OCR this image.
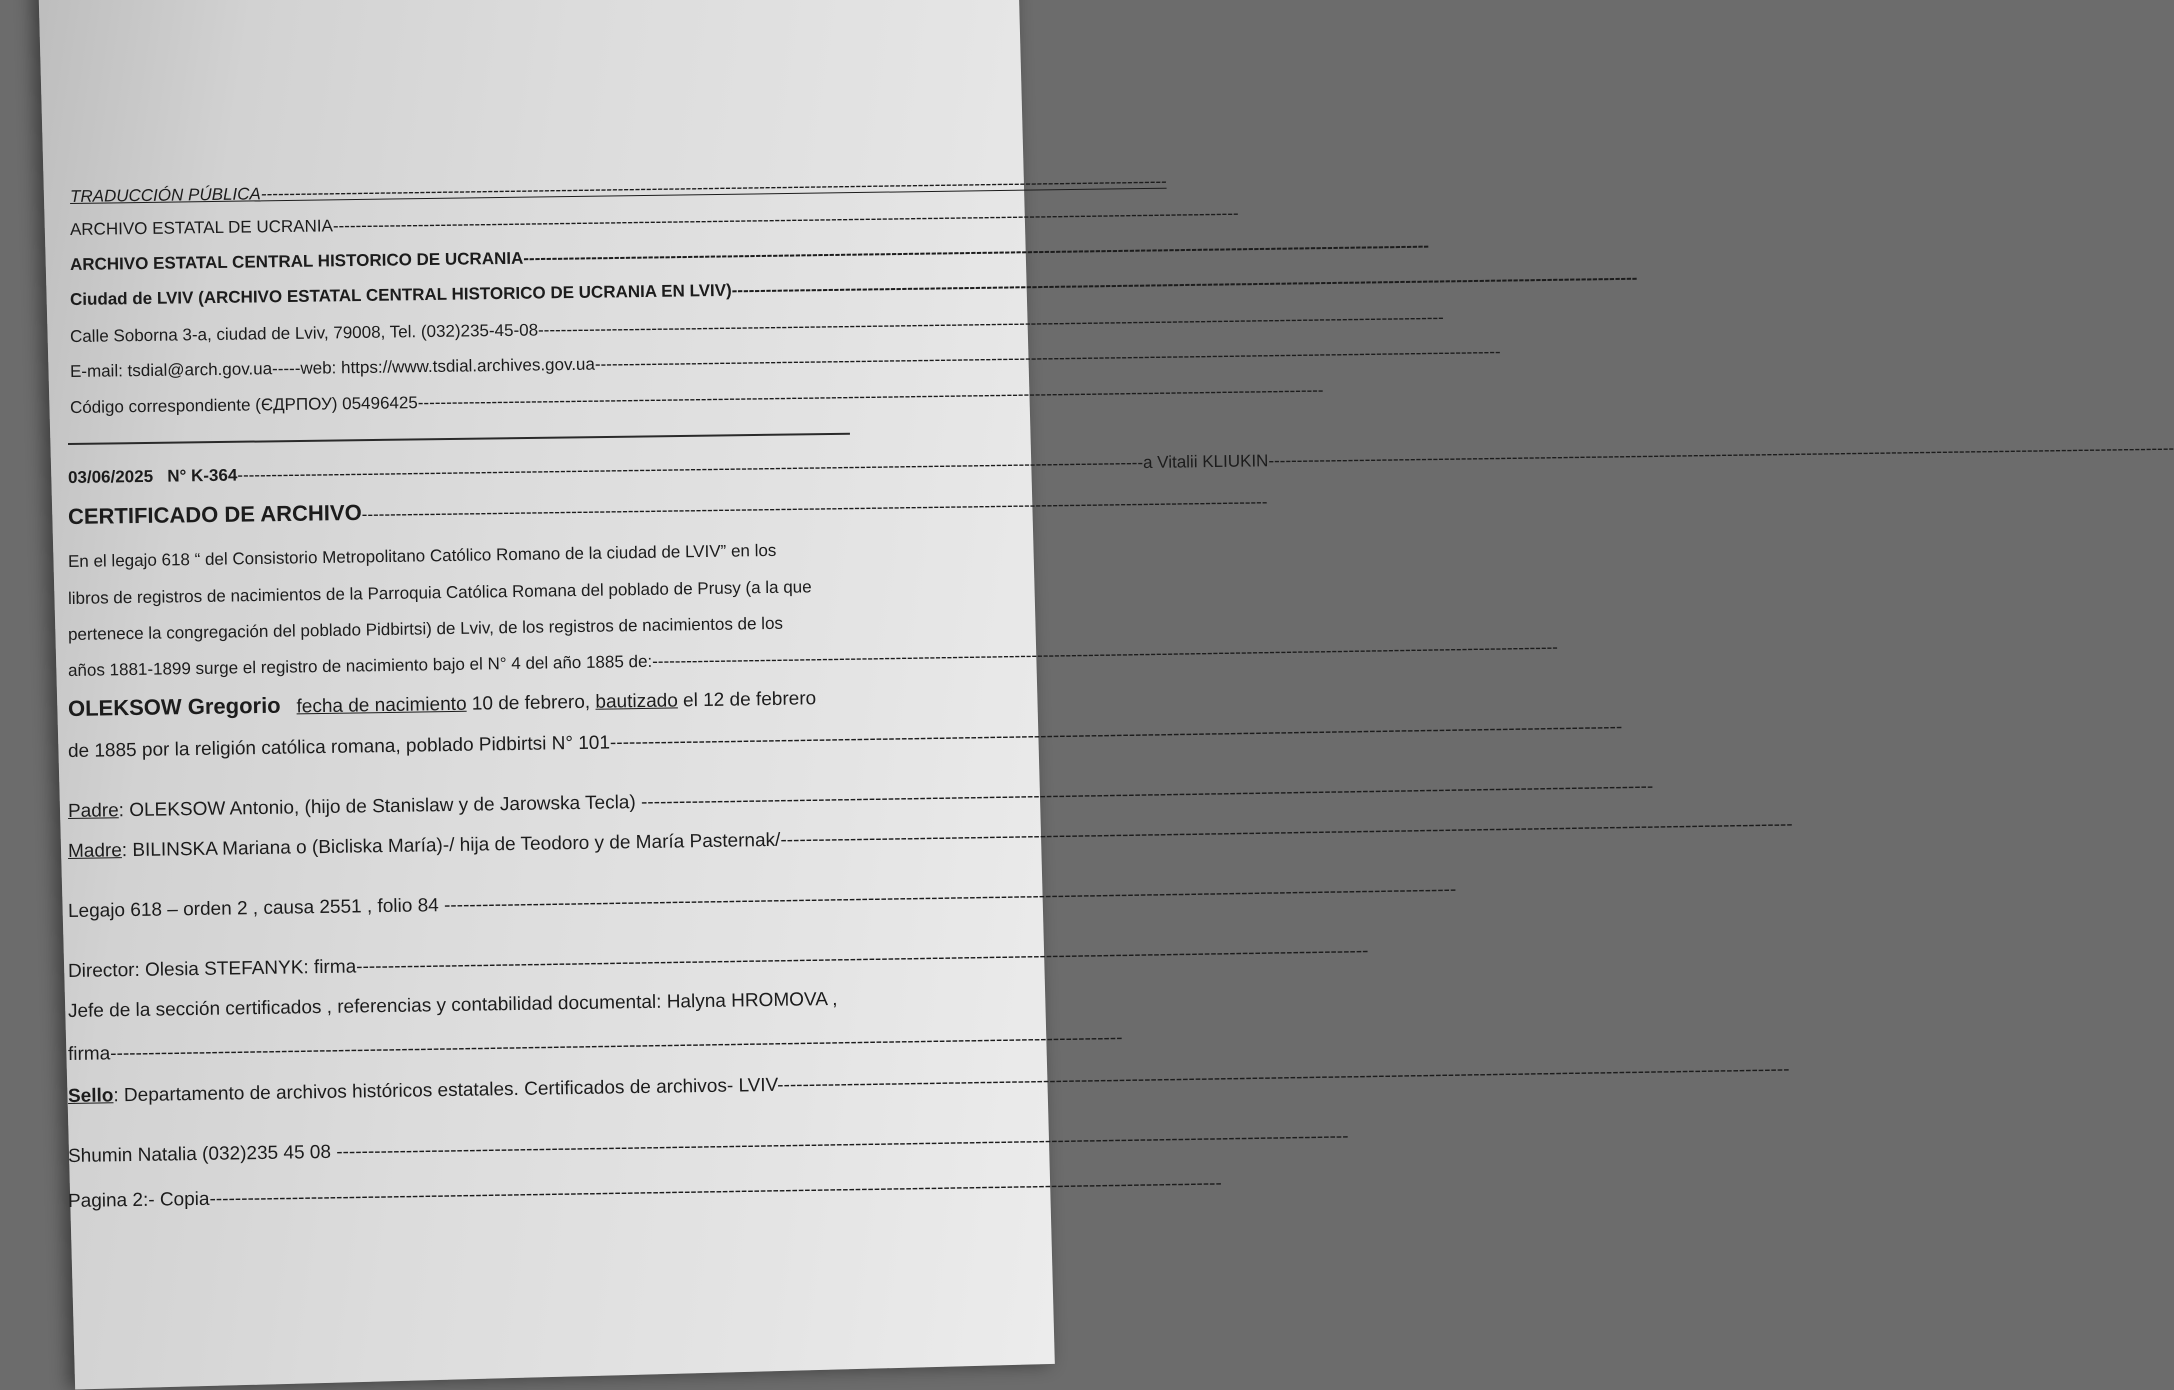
TRADUCCIÓN PÚBLICA----------------------------------------------------------------------------------------------------------------------------------------------------------------
ARCHIVO ESTATAL DE UCRANIA----------------------------------------------------------------------------------------------------------------------------------------------------------------
ARCHIVO ESTATAL CENTRAL HISTORICO DE UCRANIA----------------------------------------------------------------------------------------------------------------------------------------------------------------
Ciudad de LVIV (ARCHIVO ESTATAL CENTRAL HISTORICO DE UCRANIA EN LVIV)----------------------------------------------------------------------------------------------------------------------------------------------------------------
Calle Soborna 3-a, ciudad de Lviv, 79008, Tel. (032)235-45-08----------------------------------------------------------------------------------------------------------------------------------------------------------------
E-mail: tsdial@arch.gov.ua-----web: https://www.tsdial.archives.gov.ua----------------------------------------------------------------------------------------------------------------------------------------------------------------
Código correspondiente (ЄДРПОУ) 05496425----------------------------------------------------------------------------------------------------------------------------------------------------------------
03/06/2025 N° K-364----------------------------------------------------------------------------------------------------------------------------------------------------------------a Vitalii KLIUKIN----------------------------------------------------------------------------------------------------------------------------------------------------------------
CERTIFICADO DE ARCHIVO----------------------------------------------------------------------------------------------------------------------------------------------------------------
En el legajo 618 “ del Consistorio Metropolitano Católico Romano de la ciudad de LVIV” en los
libros de registros de nacimientos de la Parroquia Católica Romana del poblado de Prusy (a la que
pertenece la congregación del poblado Pidbirtsi) de Lviv, de los registros de nacimientos de los
años 1881-1899 surge el registro de nacimiento bajo el N° 4 del año 1885 de:----------------------------------------------------------------------------------------------------------------------------------------------------------------
OLEKSOW Gregorio fecha de nacimiento 10 de febrero, bautizado el 12 de febrero
de 1885 por la religión católica romana, poblado Pidbirtsi N° 101----------------------------------------------------------------------------------------------------------------------------------------------------------------
Padre: OLEKSOW Antonio, (hijo de Stanislaw y de Jarowska Tecla) ----------------------------------------------------------------------------------------------------------------------------------------------------------------
Madre: BILINSKA Mariana o (Bicliska María)-/ hija de Teodoro y de María Pasternak/----------------------------------------------------------------------------------------------------------------------------------------------------------------
Legajo 618 – orden 2 , causa 2551 , folio 84 ----------------------------------------------------------------------------------------------------------------------------------------------------------------
Director: Olesia STEFANYK: firma----------------------------------------------------------------------------------------------------------------------------------------------------------------
Jefe de la sección certificados , referencias y contabilidad documental: Halyna HROMOVA ,
firma----------------------------------------------------------------------------------------------------------------------------------------------------------------
Sello: Departamento de archivos históricos estatales. Certificados de archivos- LVIV----------------------------------------------------------------------------------------------------------------------------------------------------------------
Shumin Natalia (032)235 45 08 ----------------------------------------------------------------------------------------------------------------------------------------------------------------
Pagina 2:- Copia----------------------------------------------------------------------------------------------------------------------------------------------------------------
